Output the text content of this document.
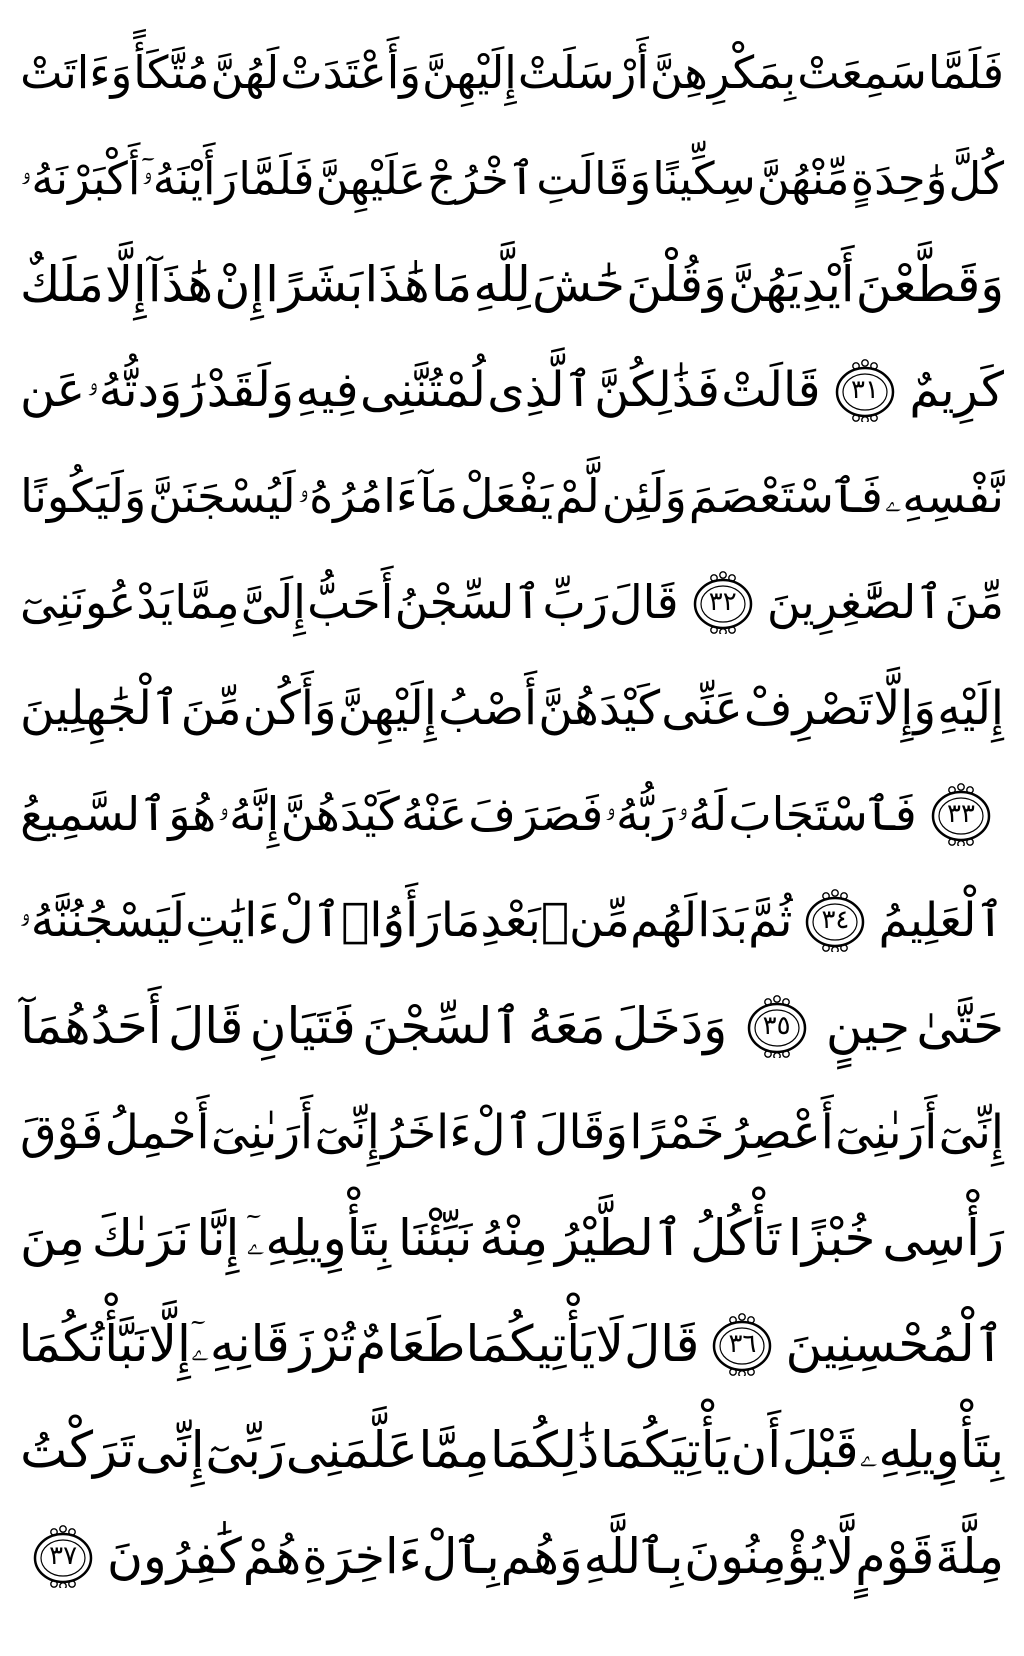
فَلَمَّا
سَمِعَتْ
بِمَكْرِهِنَّ
أَرْسَلَتْ
إِلَيْهِنَّ
وَأَعْتَدَتْ
لَهُنَّ
مُتَّكَأً
وَءَاتَتْ
كُلَّ
وَٰحِدَةٍ
مِّنْهُنَّ
سِكِّينًا
وَقَالَتِ
ٱخْرُجْ
عَلَيْهِنَّ
فَلَمَّا
رَأَيْنَهُۥٓ
أَكْبَرْنَهُۥ
وَقَطَّعْنَ
أَيْدِيَهُنَّ
وَقُلْنَ
حَٰشَ
لِلَّهِ
مَا
هَٰذَا
بَشَرًا
إِنْ
هَٰذَآ
إِلَّا
مَلَكٌ
كَرِيمٌ
٣١
قَالَتْ
فَذَٰلِكُنَّ
ٱلَّذِى
لُمْتُنَّنِى
فِيهِ
وَلَقَدْ
رَٰوَدتُّهُۥ
عَن
نَّفْسِهِۦ
فَٱسْتَعْصَمَ
وَلَئِن
لَّمْ
يَفْعَلْ
مَآ
ءَامُرُهُۥ
لَيُسْجَنَنَّ
وَلَيَكُونًا
مِّنَ
ٱلصَّٰغِرِينَ
٣٢
قَالَ
رَبِّ
ٱلسِّجْنُ
أَحَبُّ
إِلَىَّ
مِمَّا
يَدْعُونَنِىٓ
إِلَيْهِ
وَإِلَّا
تَصْرِفْ
عَنِّى
كَيْدَهُنَّ
أَصْبُ
إِلَيْهِنَّ
وَأَكُن
مِّنَ
ٱلْجَٰهِلِينَ
٣٣
فَٱسْتَجَابَ
لَهُۥ
رَبُّهُۥ
فَصَرَفَ
عَنْهُ
كَيْدَهُنَّ
إِنَّهُۥ
هُوَ
ٱلسَّمِيعُ
ٱلْعَلِيمُ
٣٤
ثُمَّ
بَدَا
لَهُم
مِّنۢ
بَعْدِ
مَا
رَأَوُا۟
ٱلْءَايَٰتِ
لَيَسْجُنُنَّهُۥ
حَتَّىٰ
حِينٍ
٣٥
وَدَخَلَ
مَعَهُ
ٱلسِّجْنَ
فَتَيَانِ
قَالَ
أَحَدُهُمَآ
إِنِّىٓ
أَرَىٰنِىٓ
أَعْصِرُ
خَمْرًا
وَقَالَ
ٱلْءَاخَرُ
إِنِّىٓ
أَرَىٰنِىٓ
أَحْمِلُ
فَوْقَ
رَأْسِى
خُبْزًا
تَأْكُلُ
ٱلطَّيْرُ
مِنْهُ
نَبِّئْنَا
بِتَأْوِيلِهِۦٓ
إِنَّا
نَرَىٰكَ
مِنَ
ٱلْمُحْسِنِينَ
٣٦
قَالَ
لَا
يَأْتِيكُمَا
طَعَامٌ
تُرْزَقَانِهِۦٓ
إِلَّا
نَبَّأْتُكُمَا
بِتَأْوِيلِهِۦ
قَبْلَ
أَن
يَأْتِيَكُمَا
ذَٰلِكُمَا
مِمَّا
عَلَّمَنِى
رَبِّىٓ
إِنِّى
تَرَكْتُ
مِلَّةَ
قَوْمٍ
لَّا
يُؤْمِنُونَ
بِٱللَّهِ
وَهُم
بِٱلْءَاخِرَةِ
هُمْ
كَٰفِرُونَ
٣٧
